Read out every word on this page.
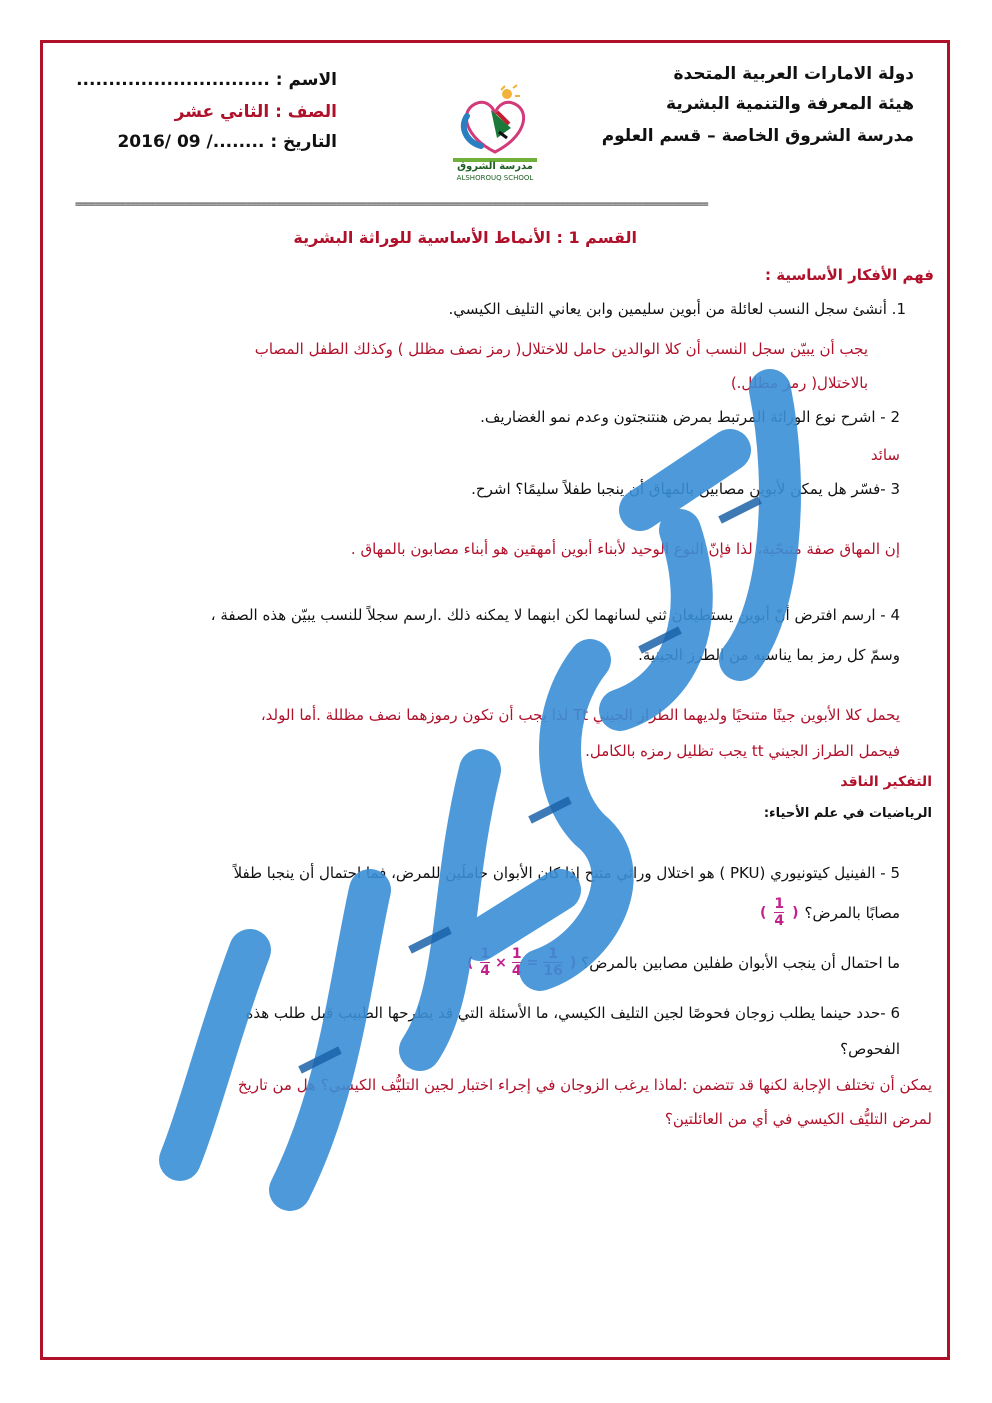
دولة الامارات العربية المتحدة
هيئة المعرفة والتنمية البشرية
مدرسة الشروق الخاصة – قسم العلوم
الاسم : ..............................
الصف : الثاني عشر
التاريخ : ......../ 09 /2016
مدرسة الشروق
ALSHOROUQ SCHOOL
==============================================================================================================================
القسم 1 : الأنماط الأساسية للوراثة البشرية
فهم الأفكار الأساسية :
1. أنشئ سجل النسب لعائلة من أبوين سليمين وابن يعاني التليف الكيسي.
يجب أن يبيّن سجل النسب أن كلا الوالدين حامل للاختلال( رمز نصف مظلل ) وكذلك الطفل المصاب
بالاختلال( رمز مظلل.)
2 - اشرح نوع الوراثة المرتبط بمرض هنتنجتون وعدم نمو الغضاريف.
سائد
3 -فسّر هل يمكن لأبوين مصابين بالمهاق أن ينجبا طفلاً سليمًا؟ اشرح.
إن المهاق صفة متنحّية، لذا فإنّ النوع الوحيد لأبناء أبوين أمهقين هو أبناء مصابون بالمهاق .
4 - ارسم افترض أنّ أبوين يستطيعان ثني لسانهما لكن ابنهما لا يمكنه ذلك .ارسم سجلاً للنسب يبيّن هذه الصفة ،
وسمّ كل رمز بما يناسبه من الطرز الجينية.
يحمل كلا الأبوين جينًا متنحيًا ولديهما الطراز الجيني Tt لذا يجب أن تكون رموزهما نصف مظللة .أما الولد،
فيحمل الطراز الجيني tt يجب تظليل رمزه بالكامل.
التفكير الناقد
الرياضيات في علم الأحياء:
5 - الفينيل كيتونيوري (PKU ) هو اختلال وراثي متنح إذا كان الأبوان حاملَين للمرض، فما احتمال أن ينجبا طفلاً
مصابًا بالمرض؟
(
$\frac{1}{4}$
)
ما احتمال أن ينجب الأبوان طفلين مصابين بالمرض؟
(
$\frac{1}{4} \times \frac{1}{4} = \frac{1}{16}$
)
6 -حدد حينما يطلب زوجان فحوصًا لجين التليف الكيسي، ما الأسئلة التي قد يطرحها الطبيب قبل طلب هذه
الفحوص؟
يمكن أن تختلف الإجابة لكنها قد تتضمن :لماذا يرغب الزوجان في إجراء اختبار لجين التليُّف الكيسي؟ هل من تاريخ
لمرض التليُّف الكيسي في أي من العائلتين؟
